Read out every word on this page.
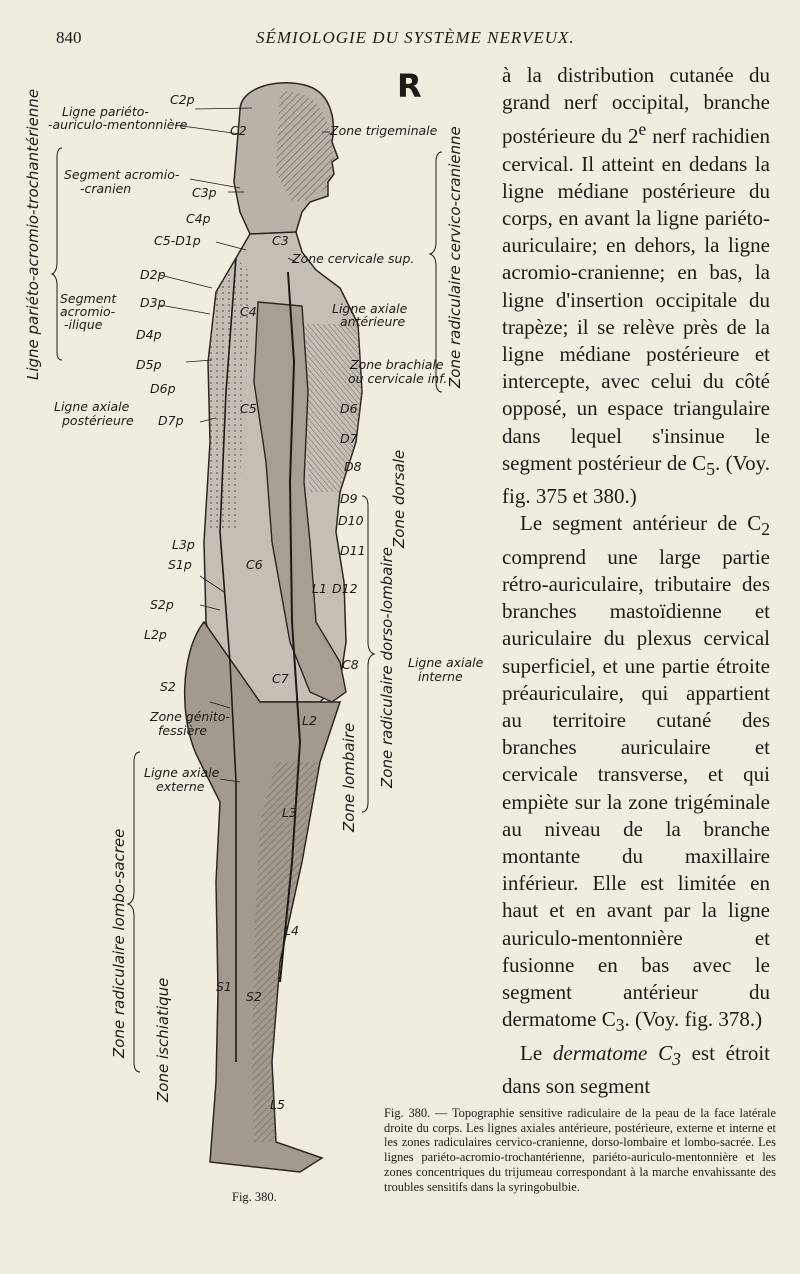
840	SÉMIOLOGIE DU SYSTÈME NERVEUX.
R
C2p
Ligne pariéto-
-auriculo-mentonnière	C2	Zone trigeminale
Segment acromio-
-cranien	C3p
C4p
C5-D1p	C3
Zone cervicale sup.
D2p
Segment
acromio-
-ilique
D3p
D4p
C4	Ligne axiale
antérieure
D5p	Zone brachiale
ou cervicale inf.
D6p
Ligne axiale
postérieure D7p
C5	D6
D7
D8
D9
D10
D11
D12
L3p
S1p	C6
L1
S2p
L2p
C8	Ligne axiale
interne
S2
C7
Zone génito-
fessière
L2
Ligne axiale
externe
L3
L4
S1
S2
L5
Ligne pariéto-acromio-trochantérienne	Zone radiculaire cervico-cranienne
Zone dorsale
Zone radiculaire dorso-lombaire
Zone lombaire
Zone radiculaire lombo-sacree Zone ischiatique

à la distribution cutanée du grand nerf occipital, branche postérieure du 2e nerf rachidien cervical. Il atteint en dedans la ligne médiane postérieure du corps, en avant la ligne pariéto-auriculaire; en dehors, la ligne acromio-cranienne; en bas, la ligne d'insertion occipitale du trapèze; il se relève près de la ligne médiane postérieure et intercepte, avec celui du côté opposé, un espace triangulaire dans lequel s'insinue le segment postérieur de $C_5$. (Voy. fig. 375 et 380.)

Le segment antérieur de $C_2$ comprend une large partie rétro-auriculaire, tributaire des branches mastoïdienne et auriculaire du plexus cervical superficiel, et une partie étroite préauriculaire, qui appartient au territoire cutané des branches auriculaire et cervicale transverse, et qui empiète sur la zone trigéminale au niveau de la branche montante du maxillaire inférieur. Elle est limitée en haut et en avant par la ligne auriculo-mentonnière et fusionne en bas avec le segment antérieur du dermatome $C_3$. (Voy. fig. 378.)

Le dermatome $C_3$ est étroit dans son segment

Fig. 380.
Fig. 380. — Topographie sensitive radiculaire de la peau de la face latérale droite du corps. Les lignes axiales antérieure, postérieure, externe et interne et les zones radiculaires cervico-cranienne, dorso-lombaire et lombo-sacrée. Les lignes pariéto-acromio-trochantérienne, pariéto-auriculo-mentonnière et les zones concentriques du trijumeau correspondant à la marche envahissante des troubles sensitifs dans la syringobulbie.
